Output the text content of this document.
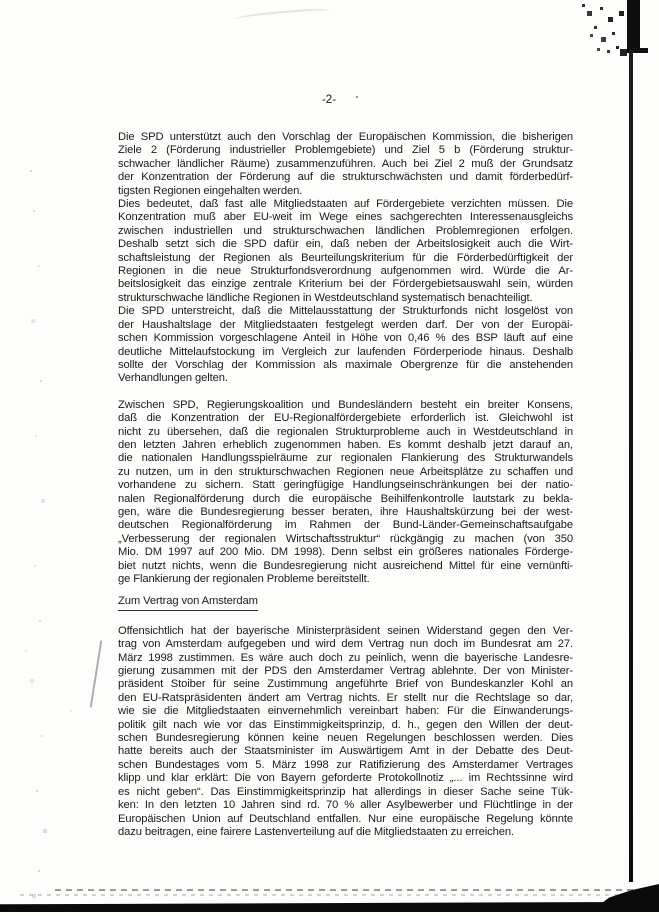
-2-
Die SPD unterstützt auch den Vorschlag der Europäischen Kommission, die bisherigen
Ziele 2 (Förderung industrieller Problemgebiete) und Ziel 5 b (Förderung struktur-
schwacher ländlicher Räume) zusammenzuführen. Auch bei Ziel 2 muß der Grundsatz
der Konzentration der Förderung auf die strukturschwächsten und damit förderbedürf-
tigsten Regionen eingehalten werden.
Dies bedeutet, daß fast alle Mitgliedstaaten auf Fördergebiete verzichten müssen. Die
Konzentration muß aber EU-weit im Wege eines sachgerechten Interessenausgleichs
zwischen industriellen und strukturschwachen ländlichen Problemregionen erfolgen.
Deshalb setzt sich die SPD dafür ein, daß neben der Arbeitslosigkeit auch die Wirt-
schaftsleistung der Regionen als Beurteilungskriterium für die Förderbedürftigkeit der
Regionen in die neue Strukturfondsverordnung aufgenommen wird. Würde die Ar-
beitslosigkeit das einzige zentrale Kriterium bei der Fördergebietsauswahl sein, würden
strukturschwache ländliche Regionen in Westdeutschland systematisch benachteiligt.
Die SPD unterstreicht, daß die Mittelausstattung der Strukturfonds nicht losgelöst von
der Haushaltslage der Mitgliedstaaten festgelegt werden darf. Der von der Europäi-
schen Kommission vorgeschlagene Anteil in Höhe von 0,46 % des BSP läuft auf eine
deutliche Mittelaufstockung im Vergleich zur laufenden Förderperiode hinaus. Deshalb
sollte der Vorschlag der Kommission als maximale Obergrenze für die anstehenden
Verhandlungen gelten.
Zwischen SPD, Regierungskoalition und Bundesländern besteht ein breiter Konsens,
daß die Konzentration der EU-Regionalfördergebiete erforderlich ist. Gleichwohl ist
nicht zu übersehen, daß die regionalen Strukturprobleme auch in Westdeutschland in
den letzten Jahren erheblich zugenommen haben. Es kommt deshalb jetzt darauf an,
die nationalen Handlungsspielräume zur regionalen Flankierung des Strukturwandels
zu nutzen, um in den strukturschwachen Regionen neue Arbeitsplätze zu schaffen und
vorhandene zu sichern. Statt geringfügige Handlungseinschränkungen bei der natio-
nalen Regionalförderung durch die europäische Beihilfenkontrolle lautstark zu bekla-
gen, wäre die Bundesregierung besser beraten, ihre Haushaltskürzung bei der west-
deutschen Regionalförderung im Rahmen der Bund-Länder-Gemeinschaftsaufgabe
„Verbesserung der regionalen Wirtschaftsstruktur“ rückgängig zu machen (von 350
Mio. DM 1997 auf 200 Mio. DM 1998). Denn selbst ein größeres nationales Förderge-
biet nutzt nichts, wenn die Bundesregierung nicht ausreichend Mittel für eine vernünfti-
ge Flankierung der regionalen Probleme bereitstellt.
Zum Vertrag von Amsterdam
Offensichtlich hat der bayerische Ministerpräsident seinen Widerstand gegen den Ver-
trag von Amsterdam aufgegeben und wird dem Vertrag nun doch im Bundesrat am 27.
März 1998 zustimmen. Es wäre auch doch zu peinlich, wenn die bayerische Landesre-
gierung zusammen mit der PDS den Amsterdamer Vertrag ablehnte. Der von Minister-
präsident Stoiber für seine Zustimmung angeführte Brief von Bundeskanzler Kohl an
den EU-Ratspräsidenten ändert am Vertrag nichts. Er stellt nur die Rechtslage so dar,
wie sie die Mitgliedstaaten einvernehmlich vereinbart haben: Für die Einwanderungs-
politik gilt nach wie vor das Einstimmigkeitsprinzip, d. h., gegen den Willen der deut-
schen Bundesregierung können keine neuen Regelungen beschlossen werden. Dies
hatte bereits auch der Staatsminister im Auswärtigem Amt in der Debatte des Deut-
schen Bundestages vom 5. März 1998 zur Ratifizierung des Amsterdamer Vertrages
klipp und klar erklärt: Die von Bayern geforderte Protokollnotiz „... im Rechtssinne wird
es nicht geben“. Das Einstimmigkeitsprinzip hat allerdings in dieser Sache seine Tük-
ken: In den letzten 10 Jahren sind rd. 70 % aller Asylbewerber und Flüchtlinge in der
Europäischen Union auf Deutschland entfallen. Nur eine europäische Regelung könnte
dazu beitragen, eine fairere Lastenverteilung auf die Mitgliedstaaten zu erreichen.
